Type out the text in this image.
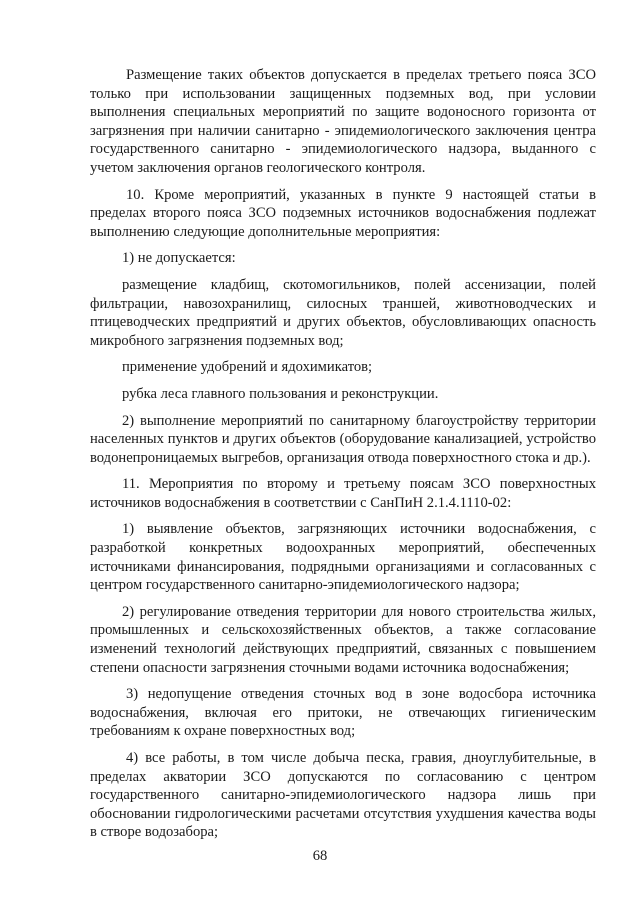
Размещение таких объектов допускается в пределах третьего пояса ЗСО только при использовании защищенных подземных вод, при условии выполнения специальных мероприятий по защите водоносного горизонта от загрязнения при наличии санитарно - эпидемиологического заключения центра государственного санитарно - эпидемиологического надзора, выданного с учетом заключения органов геологического контроля.

10. Кроме мероприятий, указанных в пункте 9 настоящей статьи в пределах второго пояса ЗСО подземных источников водоснабжения подлежат выполнению следующие дополнительные мероприятия:

1) не допускается:

размещение кладбищ, скотомогильников, полей ассенизации, полей фильтрации, навозохранилищ, силосных траншей, животноводческих и птицеводческих предприятий и других объектов, обусловливающих опасность микробного загрязнения подземных вод;

применение удобрений и ядохимикатов;

рубка леса главного пользования и реконструкции.

2) выполнение мероприятий по санитарному благоустройству территории населенных пунктов и других объектов (оборудование канализацией, устройство водонепроницаемых выгребов, организация отвода поверхностного стока и др.).

11. Мероприятия по второму и третьему поясам ЗСО поверхностных источников водоснабжения в соответствии с СанПиН 2.1.4.1110-02:

1) выявление объектов, загрязняющих источники водоснабжения, с разработкой конкретных водоохранных мероприятий, обеспеченных источниками финансирования, подрядными организациями и согласованных с центром государственного санитарно-эпидемиологического надзора;

2) регулирование отведения территории для нового строительства жилых, промышленных и сельскохозяйственных объектов, а также согласование изменений технологий действующих предприятий, связанных с повышением степени опасности загрязнения сточными водами источника водоснабжения;

3) недопущение отведения сточных вод в зоне водосбора источника водоснабжения, включая его притоки, не отвечающих гигиеническим требованиям к охране поверхностных вод;

4) все работы, в том числе добыча песка, гравия, дноуглубительные, в пределах акватории ЗСО допускаются по согласованию с центром государственного санитарно-эпидемиологического надзора лишь при обосновании гидрологическими расчетами отсутствия ухудшения качества воды в створе водозабора;

68
